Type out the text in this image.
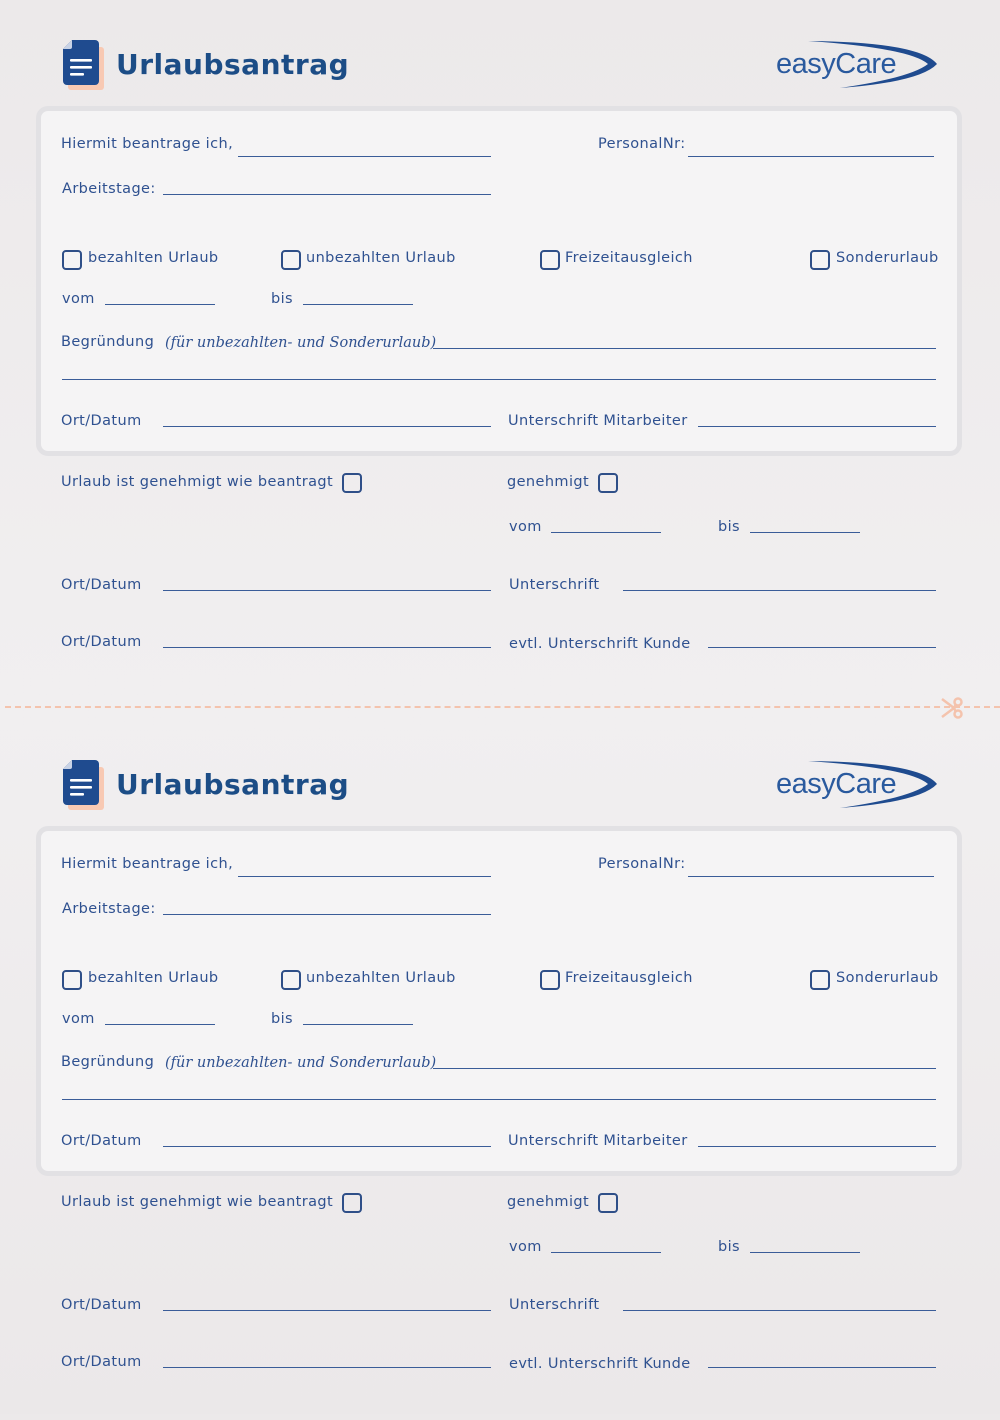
Urlaubsantrag	easyCare
Hiermit beantrage ich,	PersonalNr:
Arbeitstage:
bezahlten Urlaub	unbezahlten Urlaub	Freizeitausgleich	Sonderurlaub
vom	bis
Begründung (für unbezahlten- und Sonderurlaub)
Ort/Datum	Unterschrift Mitarbeiter
Urlaub ist genehmigt wie beantragt	genehmigt
vom	bis
Ort/Datum	Unterschrift
Ort/Datum	evtl. Unterschrift Kunde
Urlaubsantrag	easyCare
Hiermit beantrage ich,	PersonalNr:
Arbeitstage:
bezahlten Urlaub	unbezahlten Urlaub	Freizeitausgleich	Sonderurlaub
vom	bis
Begründung (für unbezahlten- und Sonderurlaub)
Ort/Datum	Unterschrift Mitarbeiter
Urlaub ist genehmigt wie beantragt	genehmigt
vom	bis
Ort/Datum	Unterschrift
Ort/Datum	evtl. Unterschrift Kunde
